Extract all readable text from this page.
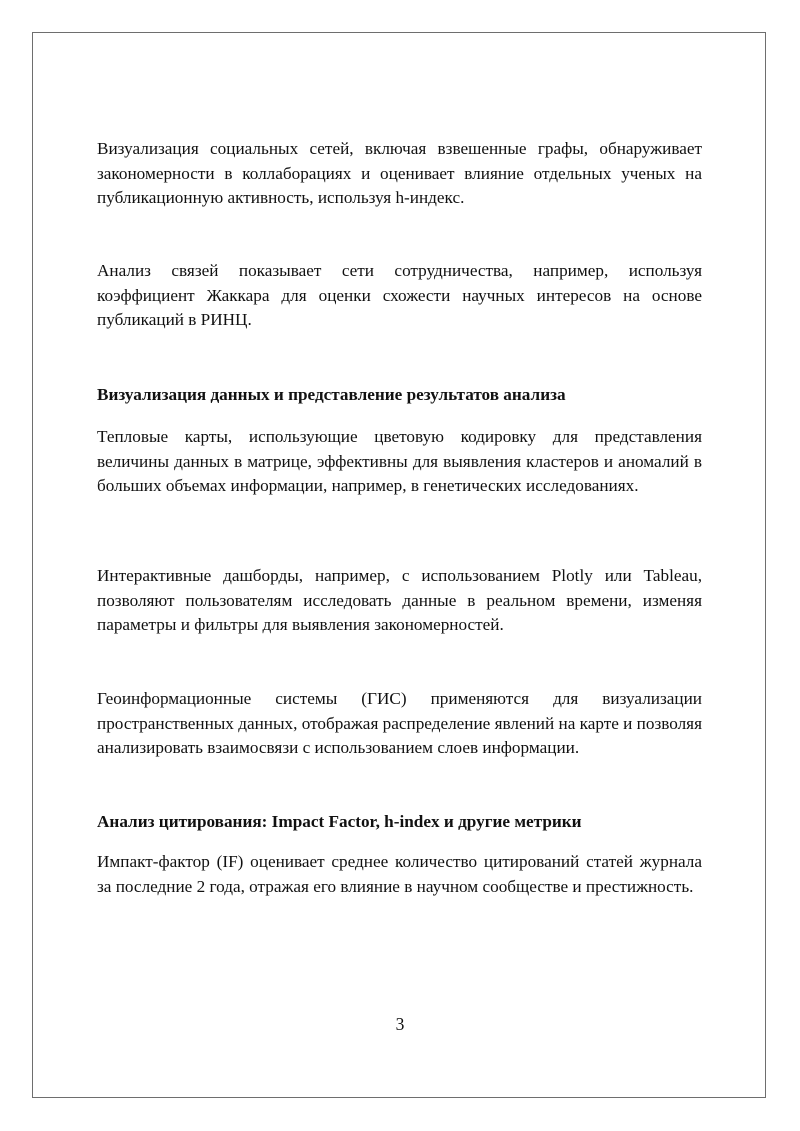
Визуализация социальных сетей, включая взвешенные графы, обнаруживает закономерности в коллаборациях и оценивает влияние отдельных ученых на публикационную активность, используя h-индекс.

Анализ связей показывает сети сотрудничества, например, используя коэффициент Жаккара для оценки схожести научных интересов на основе публикаций в РИНЦ.

Визуализация данных и представление результатов анализа

Тепловые карты, использующие цветовую кодировку для представления величины данных в матрице, эффективны для выявления кластеров и аномалий в больших объемах информации, например, в генетических исследованиях.

Интерактивные дашборды, например, с использованием Plotly или Tableau, позволяют пользователям исследовать данные в реальном времени, изменяя параметры и фильтры для выявления закономерностей.

Геоинформационные системы (ГИС) применяются для визуализации пространственных данных, отображая распределение явлений на карте и позволяя анализировать взаимосвязи с использованием слоев информации.

Анализ цитирования: Impact Factor, h-index и другие метрики

Импакт-фактор (IF) оценивает среднее количество цитирований статей журнала за последние 2 года, отражая его влияние в научном сообществе и престижность.

3
